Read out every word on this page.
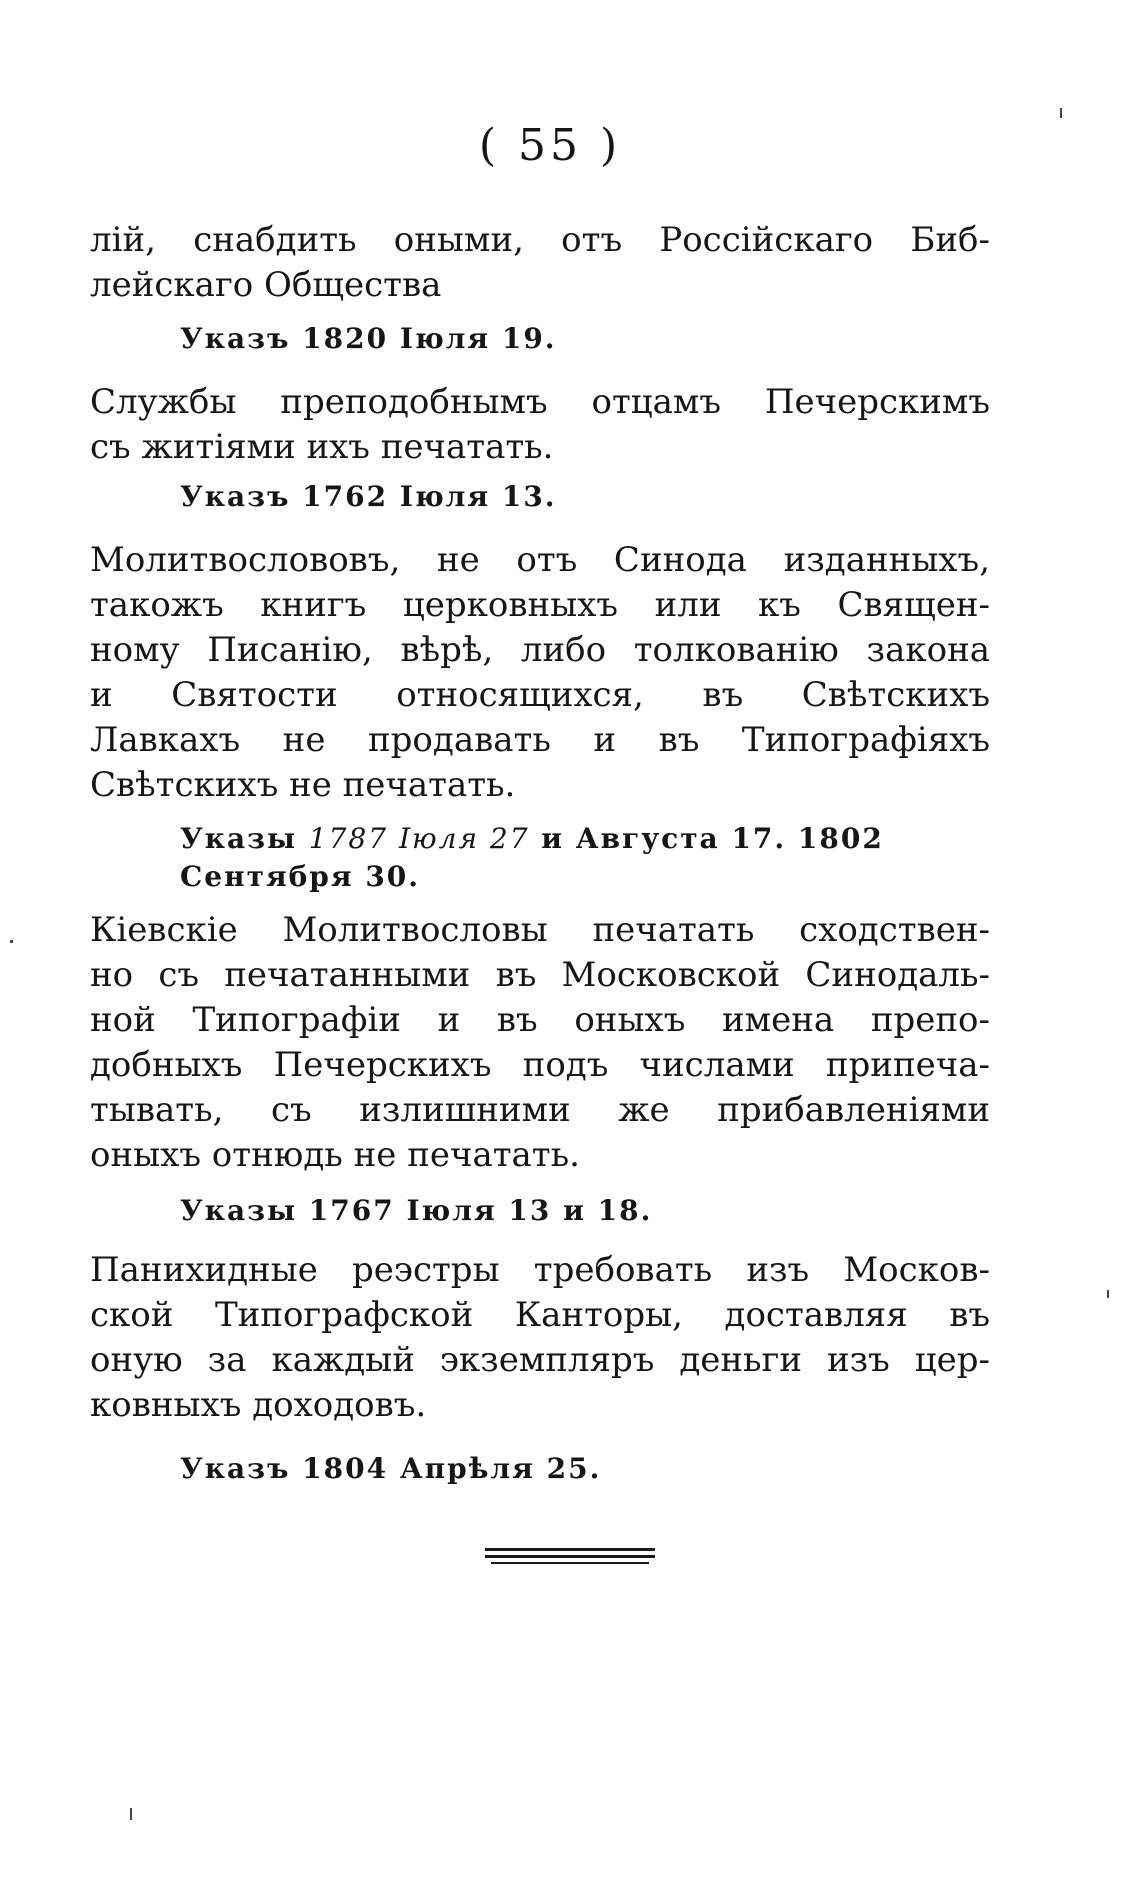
( 55 )
лій, снабдить оными, отъ Россійскаго Биб-
лейскаго Общества
Указъ 1820 Іюля 19.
Службы преподобнымъ отцамъ Печерскимъ
съ житіями ихъ печатать.
Указъ 1762 Іюля 13.
Молитвослововъ, не отъ Синода изданныхъ,
такожъ книгъ церковныхъ или къ Священ-
ному Писанію, вѣрѣ, либо толкованію закона
и Святости относящихся, въ Свѣтскихъ
Лавкахъ не продавать и въ Типографіяхъ
Свѣтскихъ не печатать.
Указы 1787 Іюля 27 и Августа 17. 1802
Сентября 30.
Кіевскіе Молитвословы печатать сходствен-
но съ печатанными въ Московской Синодаль-
ной Типографіи и въ оныхъ имена препо-
добныхъ Печерскихъ подъ числами припеча-
тывать, съ излишними же прибавленіями
оныхъ отнюдь не печатать.
Указы 1767 Іюля 13 и 18.
Панихидные реэстры требовать изъ Москов-
ской Типографской Канторы, доставляя въ
оную за каждый экземпляръ деньги изъ цер-
ковныхъ доходовъ.
Указъ 1804 Апрѣля 25.
